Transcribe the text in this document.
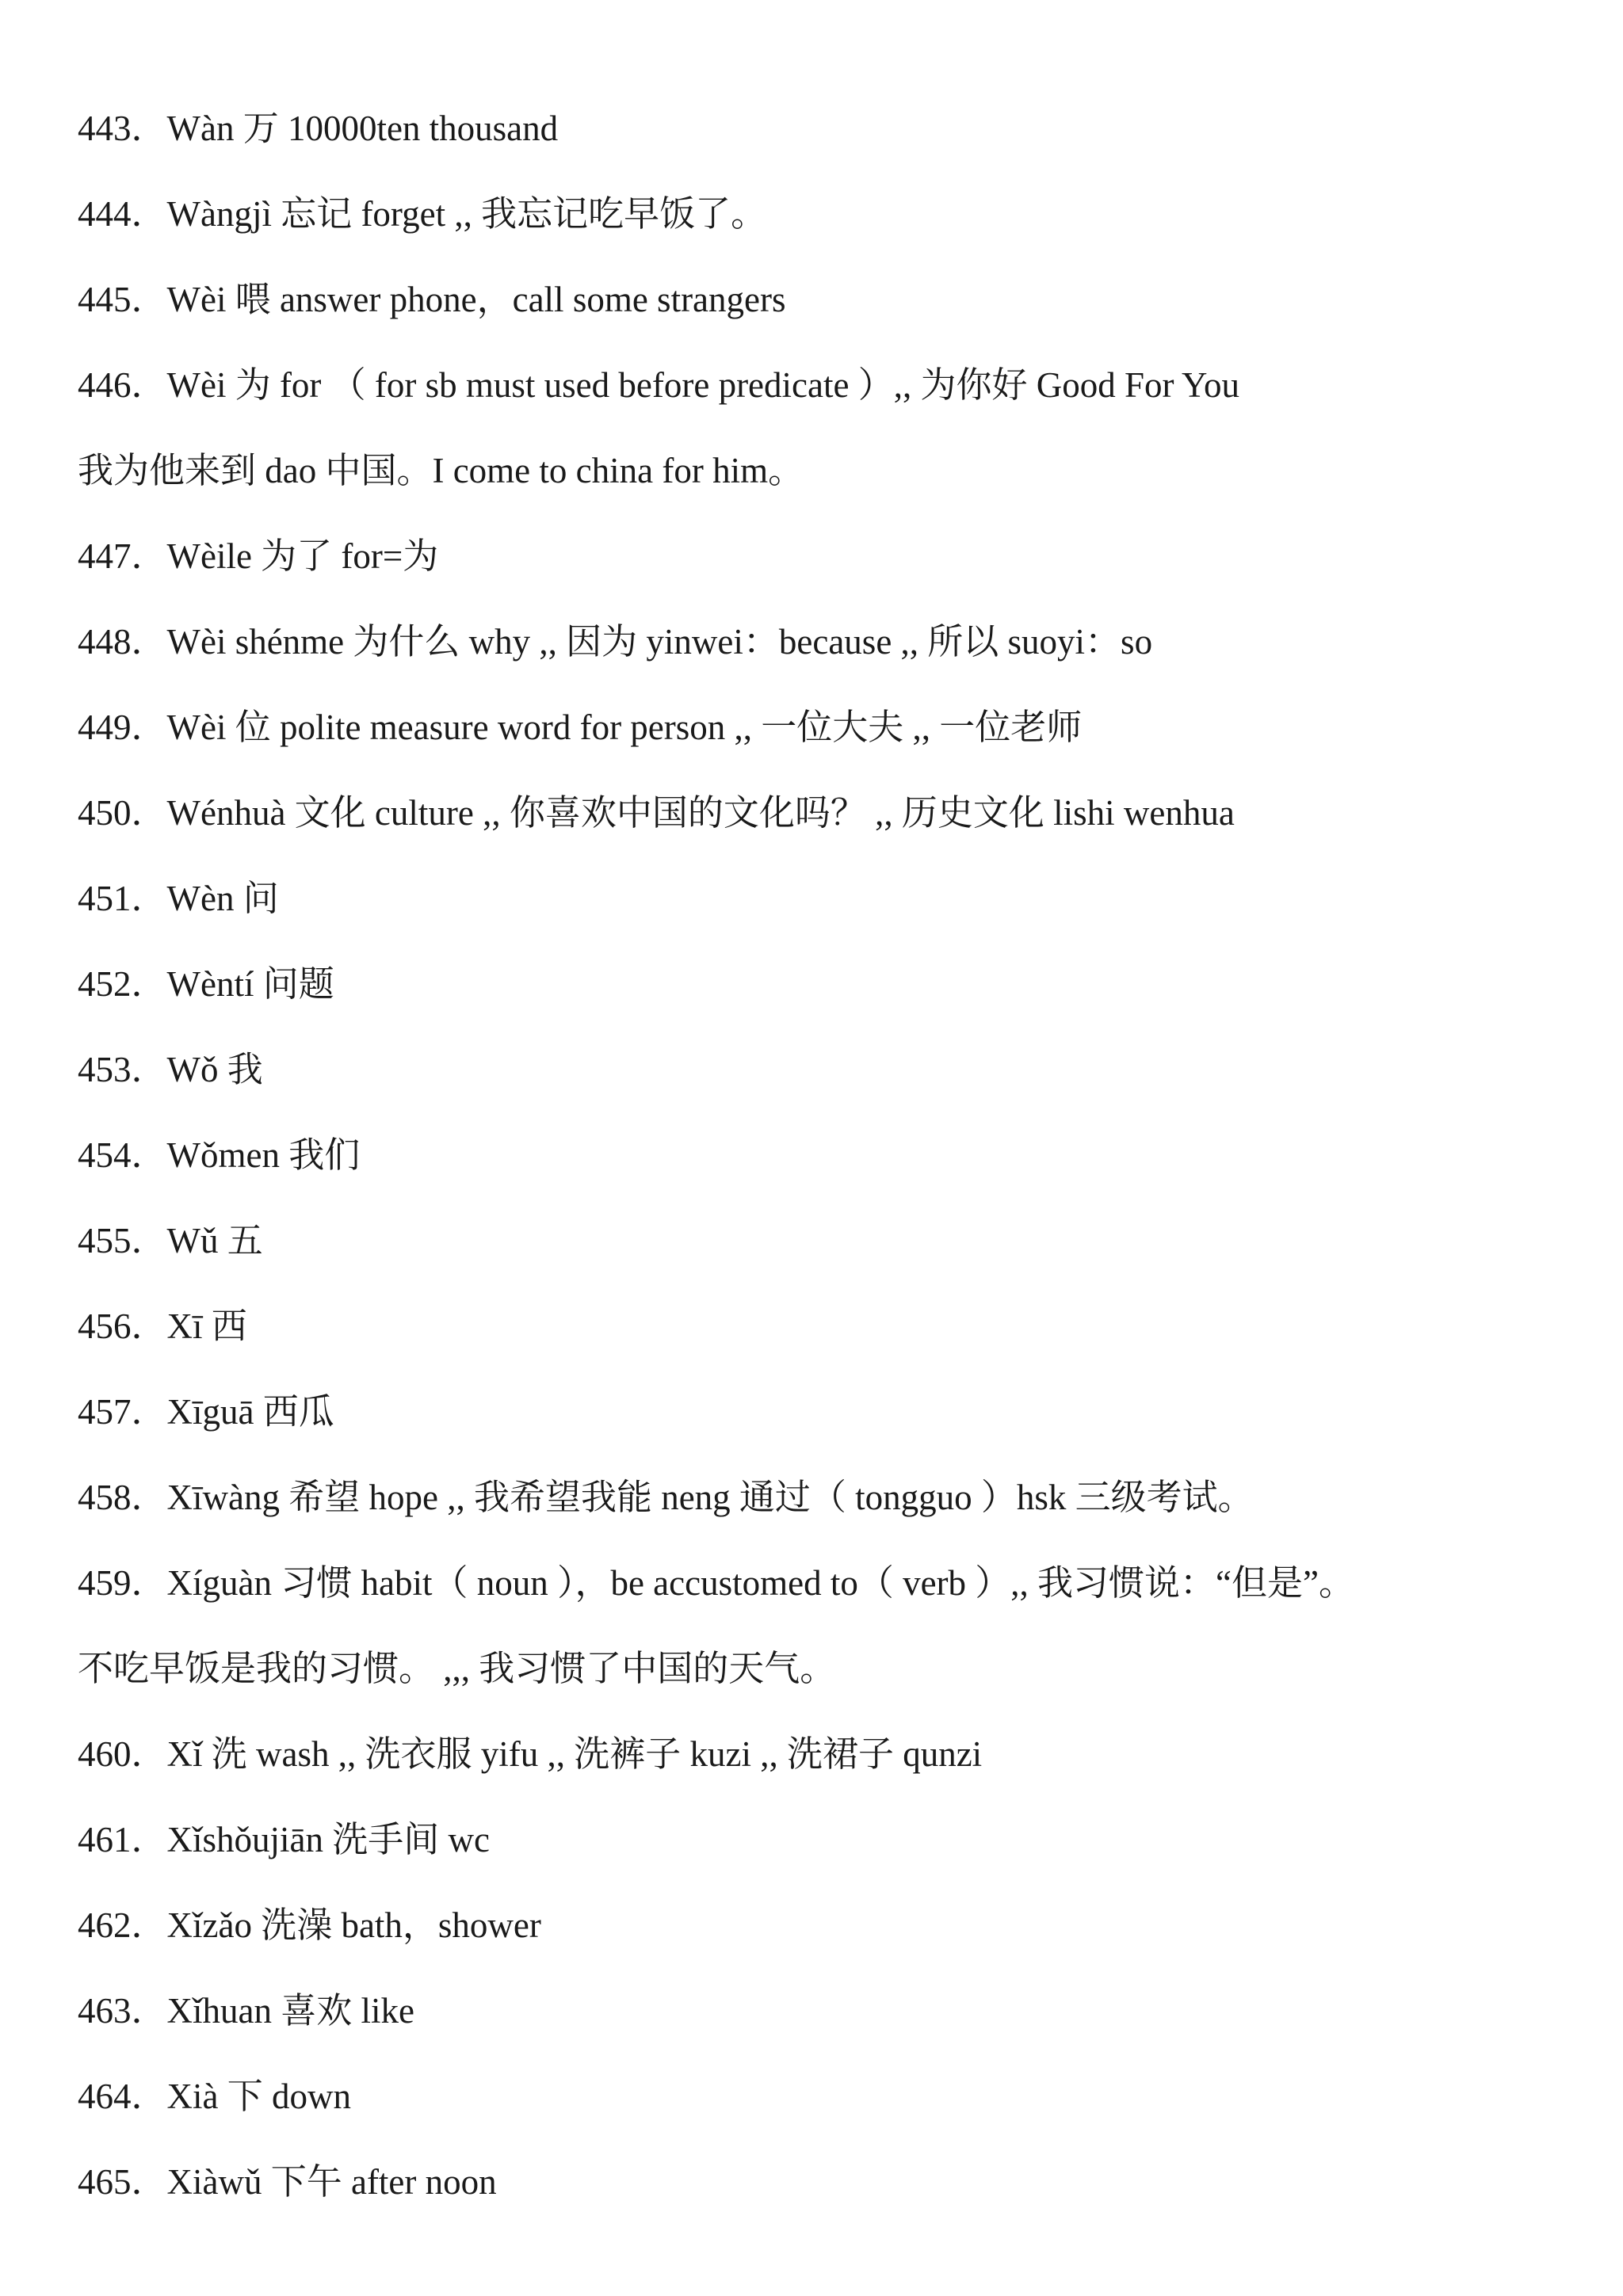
443．Wàn 万 10000ten thousand
444．Wàngjì 忘记 forget ,, 我忘记吃早饭了。
445．Wèi 喂 answer phone，call some strangers
446．Wèi 为 for （ for sb must used before predicate ）,, 为你好 Good For You
我为他来到 dao 中国。I come to china for him。
447．Wèile 为了 for=为
448．Wèi shénme 为什么 why ,, 因为 yinwei：because ,, 所以 suoyi：so
449．Wèi 位 polite measure word for person ,, 一位大夫 ,, 一位老师
450．Wénhuà 文化 culture ,, 你喜欢中国的文化吗？ ,, 历史文化 lishi wenhua
451．Wèn 问
452．Wèntí 问题
453．Wǒ 我
454．Wǒmen 我们
455．Wǔ 五
456．Xī 西
457．Xīguā 西瓜
458．Xīwàng 希望 hope ,, 我希望我能 neng 通过（ tongguo ）hsk 三级考试。
459．Xíguàn 习惯 habit（ noun ），be accustomed to（ verb ）,, 我习惯说：“但是”。
不吃早饭是我的习惯。 ,,, 我习惯了中国的天气。
460．Xǐ 洗 wash ,, 洗衣服 yifu ,, 洗裤子 kuzi ,, 洗裙子 qunzi
461．Xǐshǒujiān 洗手间 wc
462．Xǐzǎo 洗澡 bath，shower
463．Xǐhuan 喜欢 like
464．Xià 下 down
465．Xiàwǔ 下午 after noon
